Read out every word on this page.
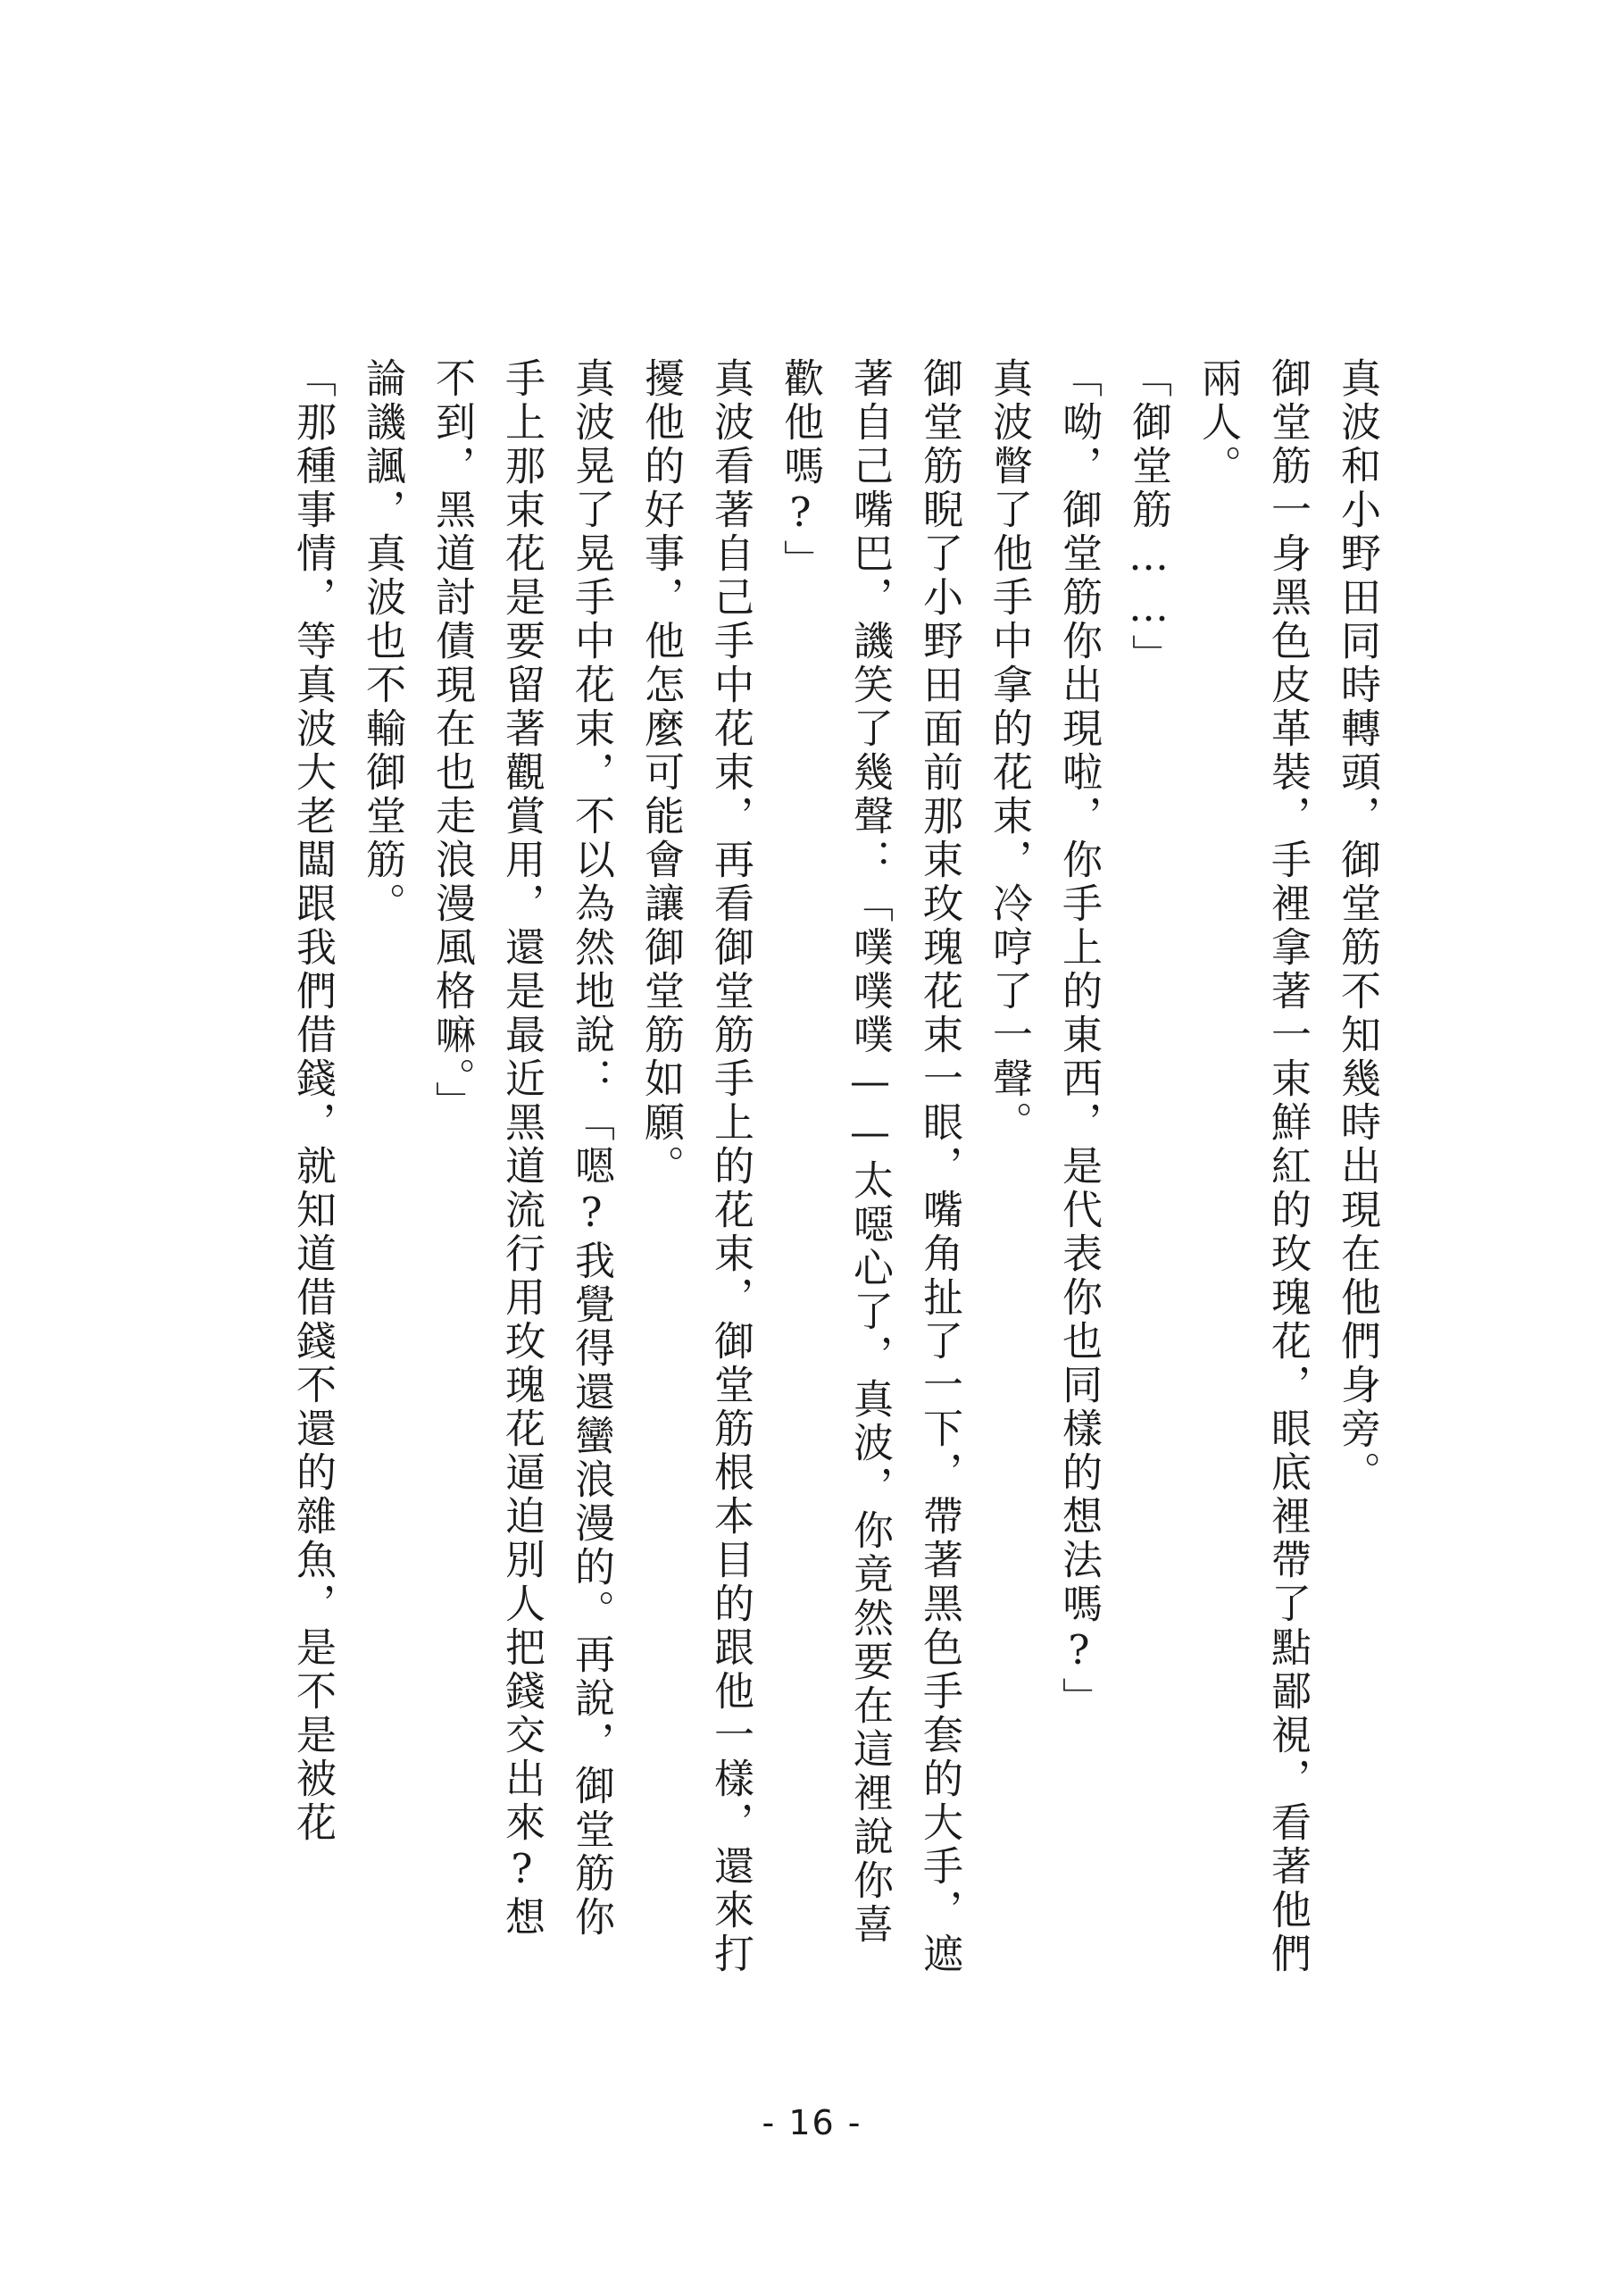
真波和小野田同時轉頭，御堂筋不知幾時出現在他們身旁。

御堂筋一身黑色皮革裝，手裡拿著一束鮮紅的玫瑰花，眼底裡帶了點鄙視，看著他們兩人。

「御堂筋……」

「呦，御堂筋你出現啦，你手上的東西，是代表你也同樣的想法嗎?」

真波瞥了他手中拿的花束，冷哼了一聲。

御堂筋睨了小野田面前那束玫瑰花束一眼，嘴角扯了一下，帶著黑色手套的大手，遮著自己嘴巴，譏笑了幾聲：「噗噗噗——太噁心了，真波，你竟然要在這裡說你喜歡他嗎?」

真波看著自己手中花束，再看御堂筋手上的花束，御堂筋根本目的跟他一樣，還來打擾他的好事，他怎麼可能會讓御堂筋如願。

真波晃了晃手中花束，不以為然地說：「嗯?我覺得還蠻浪漫的。再說，御堂筋你手上那束花是要留著觀賞用，還是最近黑道流行用玫瑰花逼迫別人把錢交出來?想不到，黑道討債現在也走浪漫風格嘛。」

論譏諷，真波也不輸御堂筋。

「那種事情，等真波大老闆跟我們借錢，就知道借錢不還的雜魚，是不是被花

- 16 -
